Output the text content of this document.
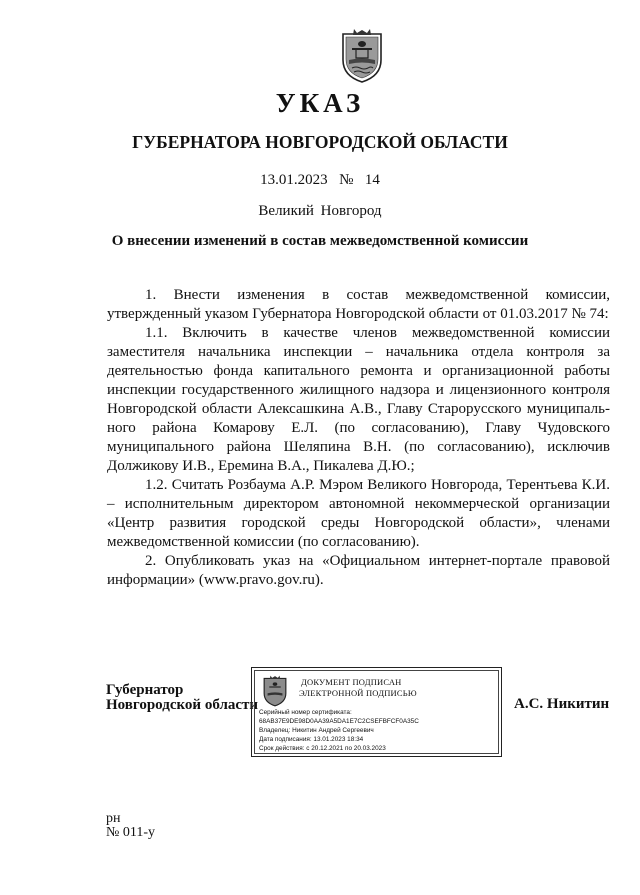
УКАЗ
ГУБЕРНАТОРА НОВГОРОДСКОЙ ОБЛАСТИ
13.01.2023 № 14
Великий Новгород
О внесении изменений в состав межведомственной комиссии

1. Внести изменения в состав межведомственной комиссии, утвержденный указом Губернатора Новгородской области от 01.03.2017 № 74:

1.1. Включить в качестве членов межведомственной комиссии заместителя начальника инспекции – начальника отдела контроля за деятельностью фонда капитального ремонта и организационной работы инспекции государственного жилищного надзора и лицензионного контроля Новгородской области Алексашкина А.В., Главу Старорусского муниципального района Комарову Е.Л. (по согласованию), Главу Чудовского муниципального района Шеляпина В.Н. (по согласованию), исключив Должикову И.В., Еремина В.А., Пикалева Д.Ю.;

1.2. Считать Розбаума А.Р. Мэром Великого Новгорода, Терентьева К.И. – исполнительным директором автономной некоммерческой организации «Центр развития городской среды Новгородской области», членами межведомственной комиссии (по согласованию).

2. Опубликовать указ на «Официальном интернет-портале правовой информации» (www.pravo.gov.ru).

Губернатор
Новгородской области
ДОКУМЕНТ ПОДПИСАН
ЭЛЕКТРОННОЙ ПОДПИСЬЮ
Серийный номер сертификата:
68AB37E9DE98D0AA39A5DA1E7C2CSEFBFCF0A35C
Владелец: Никитин Андрей Сергеевич
Дата подписания: 13.01.2023 18:34
Срок действия: с 20.12.2021 по 20.03.2023
А.С. Никитин
рн
№ 011-у
